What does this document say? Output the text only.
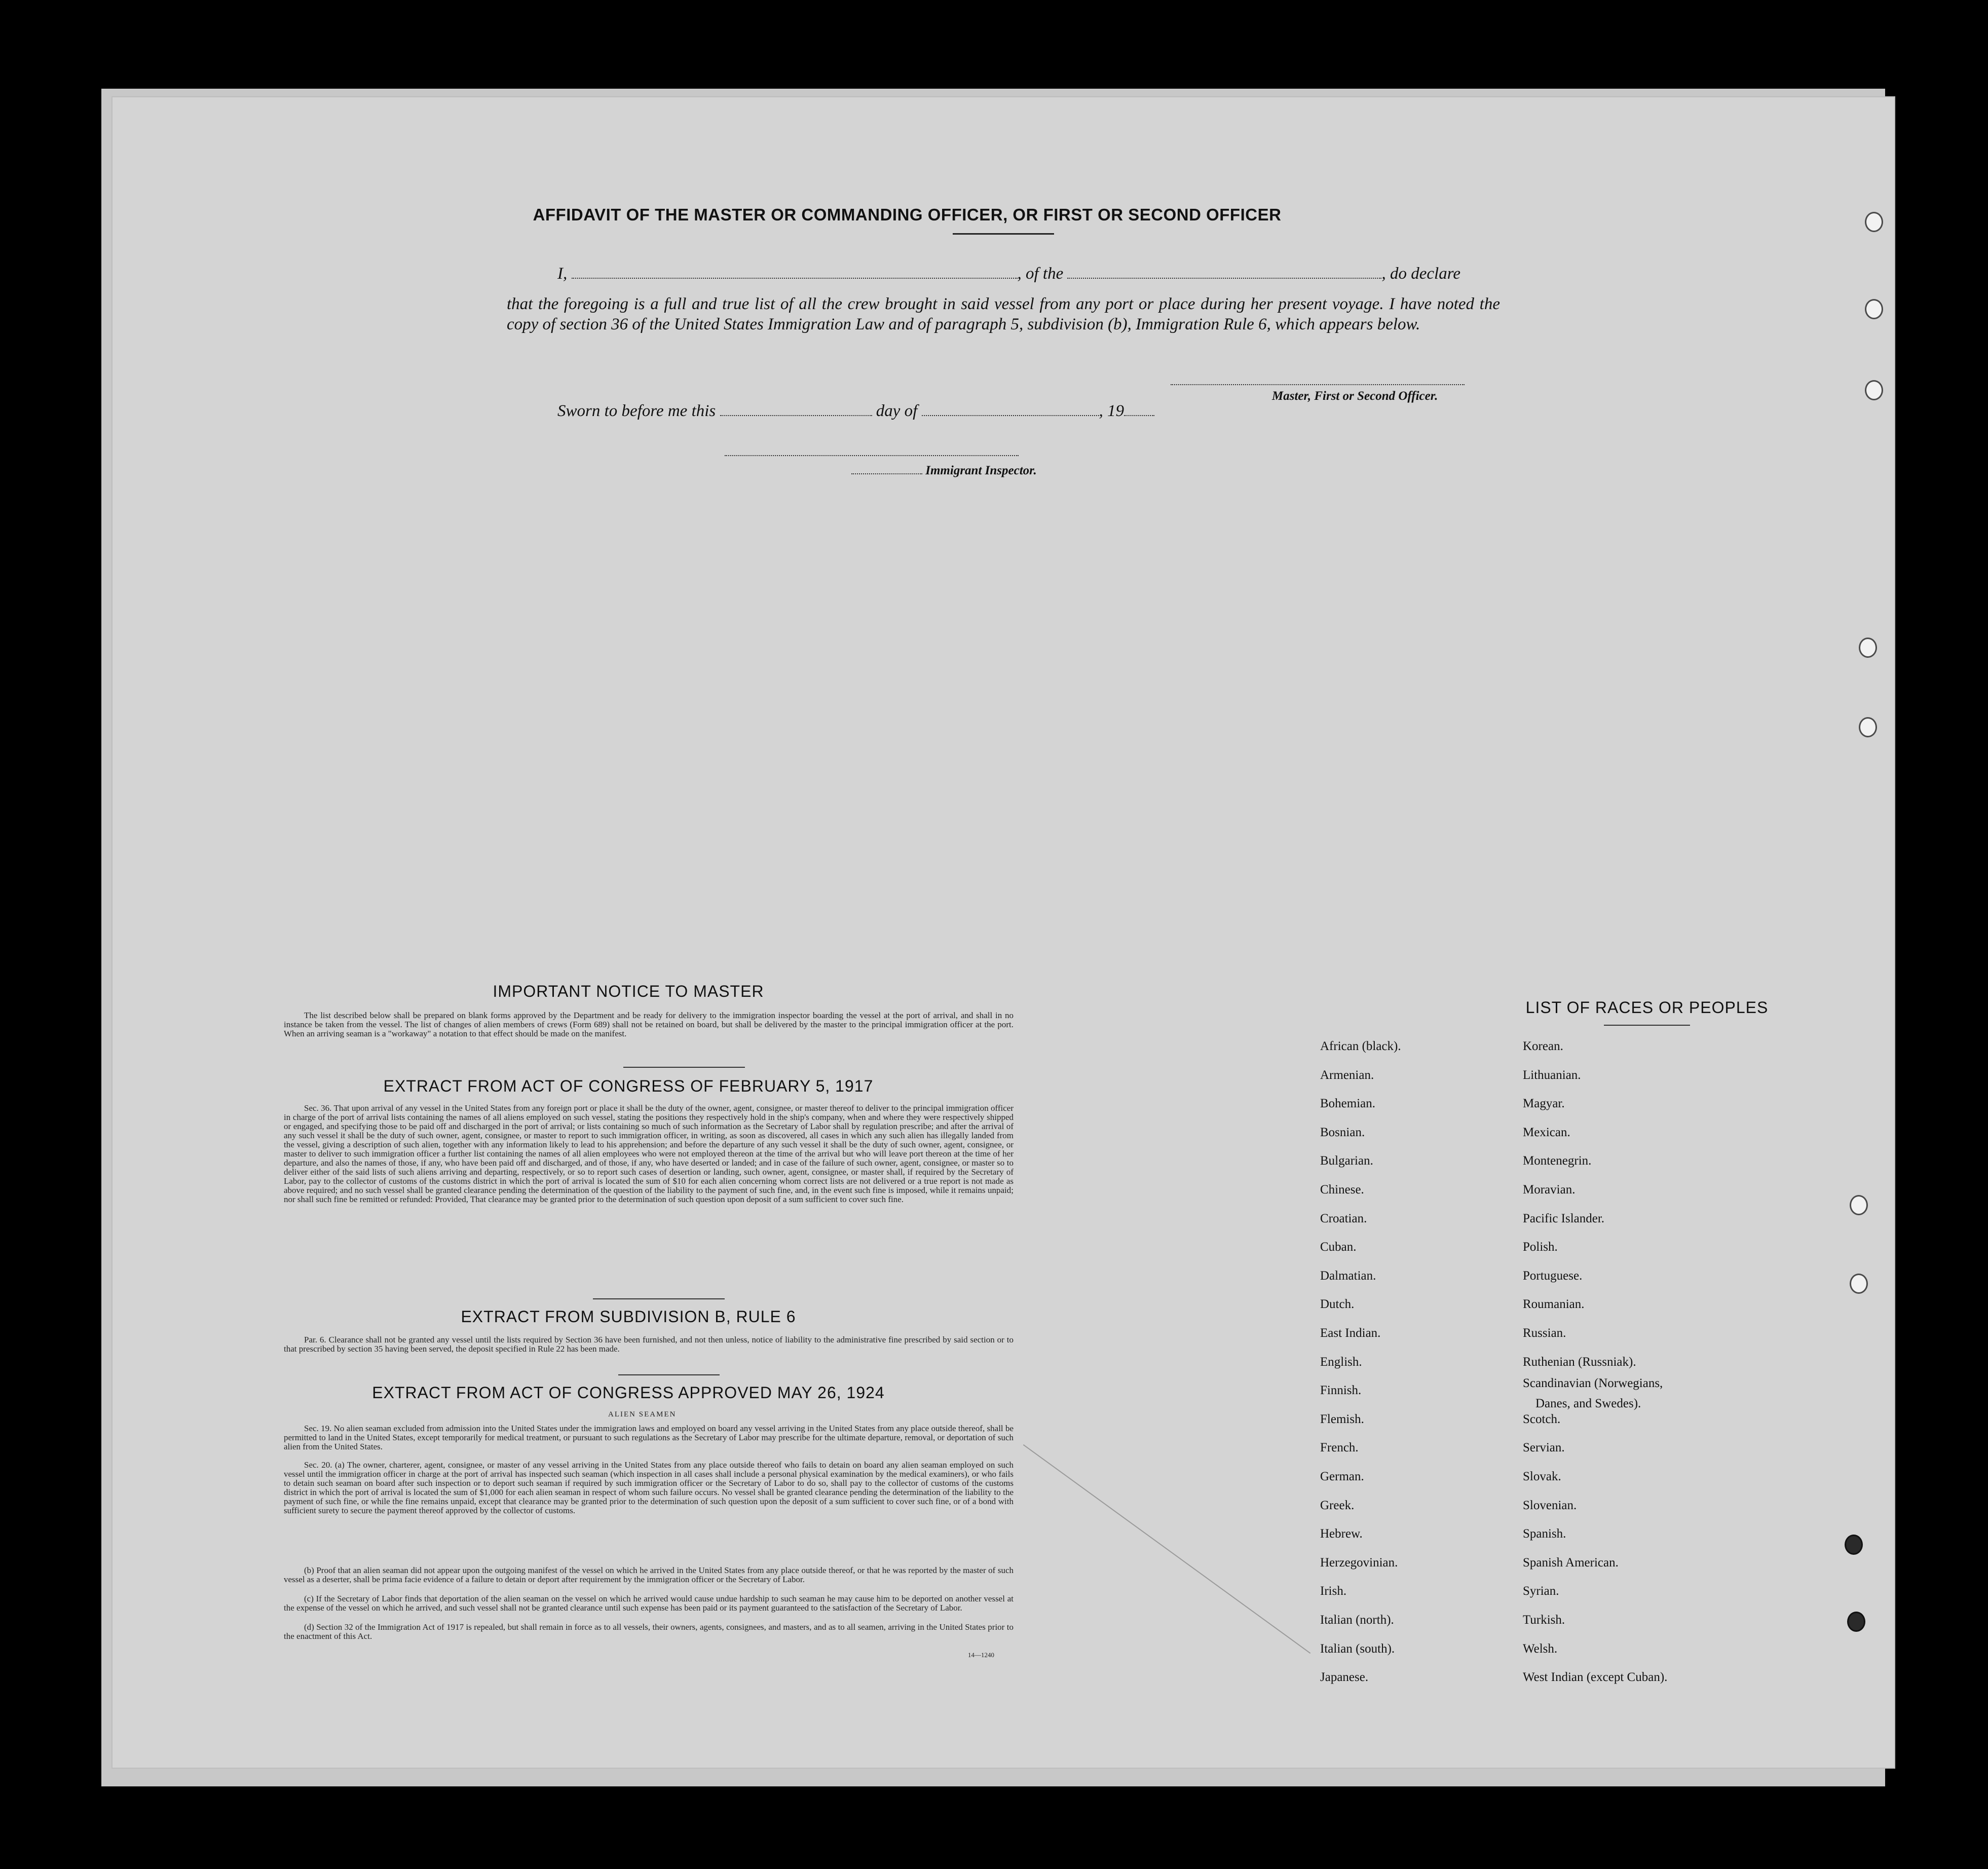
AFFIDAVIT OF THE MASTER OR COMMANDING OFFICER, OR FIRST OR SECOND OFFICER
I,	, of the	, do declare
that the foregoing is a full and true list of all the crew brought in said vessel from any port or place during her present voyage. I have noted the copy of section 36 of the United States Immigration Law and of paragraph 5, subdivision (b), Immigration Rule 6, which appears below.
Master, First or Second Officer.
Sworn to before me this	day of	, 19
Immigrant Inspector.
IMPORTANT NOTICE TO MASTER
The list described below shall be prepared on blank forms approved by the Department and be ready for delivery to the immigration inspector boarding the vessel at the port of arrival, and shall in no instance be taken from the vessel. The list of changes of alien members of crews (Form 689) shall not be retained on board, but shall be delivered by the master to the principal immigration officer at the port. When an arriving seaman is a "workaway" a notation to that effect should be made on the manifest.
EXTRACT FROM ACT OF CONGRESS OF FEBRUARY 5, 1917
Sec. 36. That upon arrival of any vessel in the United States from any foreign port or place it shall be the duty of the owner, agent, consignee, or master thereof to deliver to the principal immigration officer in charge of the port of arrival lists containing the names of all aliens employed on such vessel, stating the positions they respectively hold in the ship's company, when and where they were respectively shipped or engaged, and specifying those to be paid off and discharged in the port of arrival; or lists containing so much of such information as the Secretary of Labor shall by regulation prescribe; and after the arrival of any such vessel it shall be the duty of such owner, agent, consignee, or master to report to such immigration officer, in writing, as soon as discovered, all cases in which any such alien has illegally landed from the vessel, giving a description of such alien, together with any information likely to lead to his apprehension; and before the departure of any such vessel it shall be the duty of such owner, agent, consignee, or master to deliver to such immigration officer a further list containing the names of all alien employees who were not employed thereon at the time of the arrival but who will leave port thereon at the time of her departure, and also the names of those, if any, who have been paid off and discharged, and of those, if any, who have deserted or landed; and in case of the failure of such owner, agent, consignee, or master so to deliver either of the said lists of such aliens arriving and departing, respectively, or so to report such cases of desertion or landing, such owner, agent, consignee, or master shall, if required by the Secretary of Labor, pay to the collector of customs of the customs district in which the port of arrival is located the sum of $10 for each alien concerning whom correct lists are not delivered or a true report is not made as above required; and no such vessel shall be granted clearance pending the determination of the question of the liability to the payment of such fine, and, in the event such fine is imposed, while it remains unpaid; nor shall such fine be remitted or refunded: Provided, That clearance may be granted prior to the determination of such question upon deposit of a sum sufficient to cover such fine.
EXTRACT FROM SUBDIVISION B, RULE 6
Par. 6. Clearance shall not be granted any vessel until the lists required by Section 36 have been furnished, and not then unless, notice of liability to the administrative fine prescribed by said section or to that prescribed by section 35 having been served, the deposit specified in Rule 22 has been made.
EXTRACT FROM ACT OF CONGRESS APPROVED MAY 26, 1924
ALIEN SEAMEN
Sec. 19. No alien seaman excluded from admission into the United States under the immigration laws and employed on board any vessel arriving in the United States from any place outside thereof, shall be permitted to land in the United States, except temporarily for medical treatment, or pursuant to such regulations as the Secretary of Labor may prescribe for the ultimate departure, removal, or deportation of such alien from the United States.
Sec. 20. (a) The owner, charterer, agent, consignee, or master of any vessel arriving in the United States from any place outside thereof who fails to detain on board any alien seaman employed on such vessel until the immigration officer in charge at the port of arrival has inspected such seaman (which inspection in all cases shall include a personal physical examination by the medical examiners), or who fails to detain such seaman on board after such inspection or to deport such seaman if required by such immigration officer or the Secretary of Labor to do so, shall pay to the collector of customs of the customs district in which the port of arrival is located the sum of $1,000 for each alien seaman in respect of whom such failure occurs. No vessel shall be granted clearance pending the determination of the liability to the payment of such fine, or while the fine remains unpaid, except that clearance may be granted prior to the determination of such question upon the deposit of a sum sufficient to cover such fine, or of a bond with sufficient surety to secure the payment thereof approved by the collector of customs.
(b) Proof that an alien seaman did not appear upon the outgoing manifest of the vessel on which he arrived in the United States from any place outside thereof, or that he was reported by the master of such vessel as a deserter, shall be prima facie evidence of a failure to detain or deport after requirement by the immigration officer or the Secretary of Labor.
(c) If the Secretary of Labor finds that deportation of the alien seaman on the vessel on which he arrived would cause undue hardship to such seaman he may cause him to be deported on another vessel at the expense of the vessel on which he arrived, and such vessel shall not be granted clearance until such expense has been paid or its payment guaranteed to the satisfaction of the Secretary of Labor.
(d) Section 32 of the Immigration Act of 1917 is repealed, but shall remain in force as to all vessels, their owners, agents, consignees, and masters, and as to all seamen, arriving in the United States prior to the enactment of this Act.
14—1240
LIST OF RACES OR PEOPLES
African (black).
Armenian.
Bohemian.
Bosnian.
Bulgarian.
Chinese.
Croatian.
Cuban.
Dalmatian.
Dutch.
East Indian.
English.
Finnish.
Flemish.
French.
German.
Greek.
Hebrew.
Herzegovinian.
Irish.
Italian (north).
Italian (south).
Japanese.
Korean.
Lithuanian.
Magyar.
Mexican.
Montenegrin.
Moravian.
Pacific Islander.
Polish.
Portuguese.
Roumanian.
Russian.
Ruthenian (Russniak).
Scandinavian (Norwegians,
Danes, and Swedes).
Scotch.
Servian.
Slovak.
Slovenian.
Spanish.
Spanish American.
Syrian.
Turkish.
Welsh.
West Indian (except Cuban).
